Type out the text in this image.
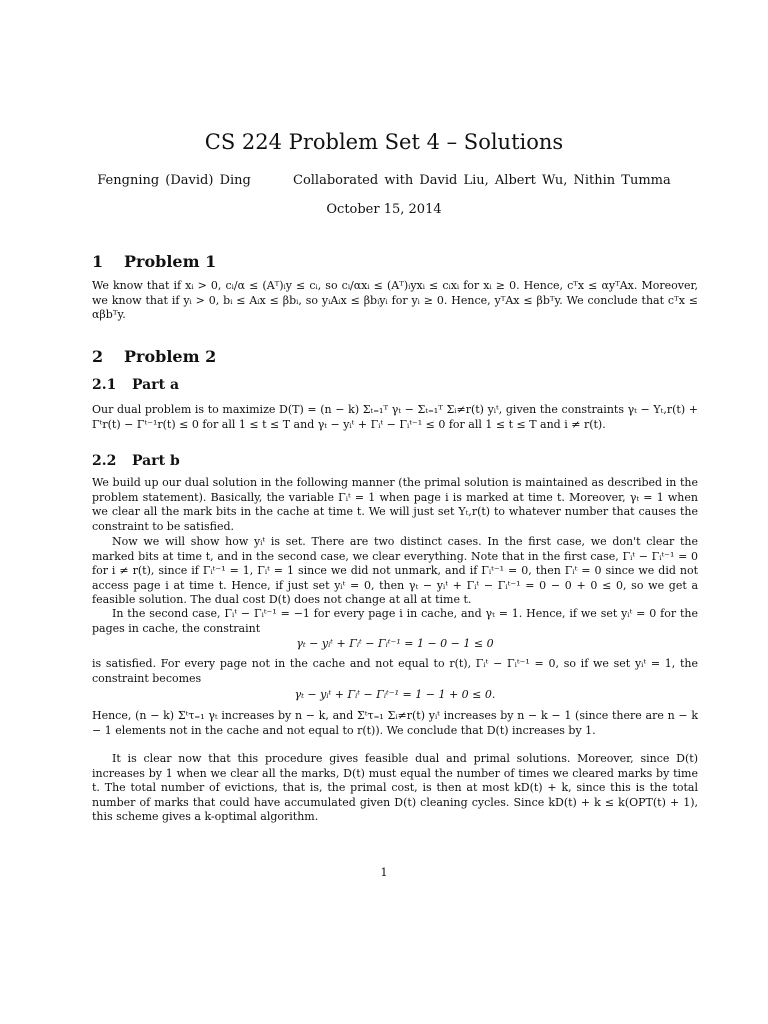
CS 224 Problem Set 4 – Solutions
Fengning (David) Ding	Collaborated with David Liu, Albert Wu, Nithin Tumma
October 15, 2014
1 Problem 1
We know that if xᵢ > 0, cᵢ/α ≤ (Aᵀ)ᵢy ≤ cᵢ, so cᵢ/αxᵢ ≤ (Aᵀ)ᵢyxᵢ ≤ cᵢxᵢ for xᵢ ≥ 0. Hence, cᵀx ≤ αyᵀAx. Moreover, we know that if yᵢ > 0, bᵢ ≤ Aᵢx ≤ βbᵢ, so yᵢAᵢx ≤ βbᵢyᵢ for yᵢ ≥ 0. Hence, yᵀAx ≤ βbᵀy. We conclude that cᵀx ≤ αβbᵀy.
2 Problem 2
2.1 Part a
Our dual problem is to maximize D(T) = (n − k) Σₜ₌₁ᵀ γₜ − Σₜ₌₁ᵀ Σᵢ≠r(t) yᵢᵗ, given the constraints γₜ − Yₜ,r(t) + Γᵗr(t) − Γᵗ⁻¹r(t) ≤ 0 for all 1 ≤ t ≤ T and γₜ − yᵢᵗ + Γᵢᵗ − Γᵢᵗ⁻¹ ≤ 0 for all 1 ≤ t ≤ T and i ≠ r(t).
2.2 Part b
We build up our dual solution in the following manner (the primal solution is maintained as described in the problem statement). Basically, the variable Γᵢᵗ = 1 when page i is marked at time t. Moreover, γₜ = 1 when we clear all the mark bits in the cache at time t. We will just set Yₜ,r(t) to whatever number that causes the constraint to be satisfied.
Now we will show how yᵢᵗ is set. There are two distinct cases. In the first case, we don't clear the marked bits at time t, and in the second case, we clear everything. Note that in the first case, Γᵢᵗ − Γᵢᵗ⁻¹ = 0 for i ≠ r(t), since if Γᵢᵗ⁻¹ = 1, Γᵢᵗ = 1 since we did not unmark, and if Γᵢᵗ⁻¹ = 0, then Γᵢᵗ = 0 since we did not access page i at time t. Hence, if just set yᵢᵗ = 0, then γₜ − yᵢᵗ + Γᵢᵗ − Γᵢᵗ⁻¹ = 0 − 0 + 0 ≤ 0, so we get a feasible solution. The dual cost D(t) does not change at all at time t.
In the second case, Γᵢᵗ − Γᵢᵗ⁻¹ = −1 for every page i in cache, and γₜ = 1. Hence, if we set yᵢᵗ = 0 for the pages in cache, the constraint
γₜ − yᵢᵗ + Γᵢᵗ − Γᵢᵗ⁻¹ = 1 − 0 − 1 ≤ 0
is satisfied. For every page not in the cache and not equal to r(t), Γᵢᵗ − Γᵢᵗ⁻¹ = 0, so if we set yᵢᵗ = 1, the constraint becomes
γₜ − yᵢᵗ + Γᵢᵗ − Γᵢᵗ⁻¹ = 1 − 1 + 0 ≤ 0.
Hence, (n − k) Σᵗτ₌₁ γₜ increases by n − k, and Σᵗτ₌₁ Σᵢ≠r(t) yᵢᵗ increases by n − k − 1 (since there are n − k − 1 elements not in the cache and not equal to r(t)). We conclude that D(t) increases by 1.
It is clear now that this procedure gives feasible dual and primal solutions. Moreover, since D(t) increases by 1 when we clear all the marks, D(t) must equal the number of times we cleared marks by time t. The total number of evictions, that is, the primal cost, is then at most kD(t) + k, since this is the total number of marks that could have accumulated given D(t) cleaning cycles. Since kD(t) + k ≤ k(OPT(t) + 1), this scheme gives a k-optimal algorithm.
1
